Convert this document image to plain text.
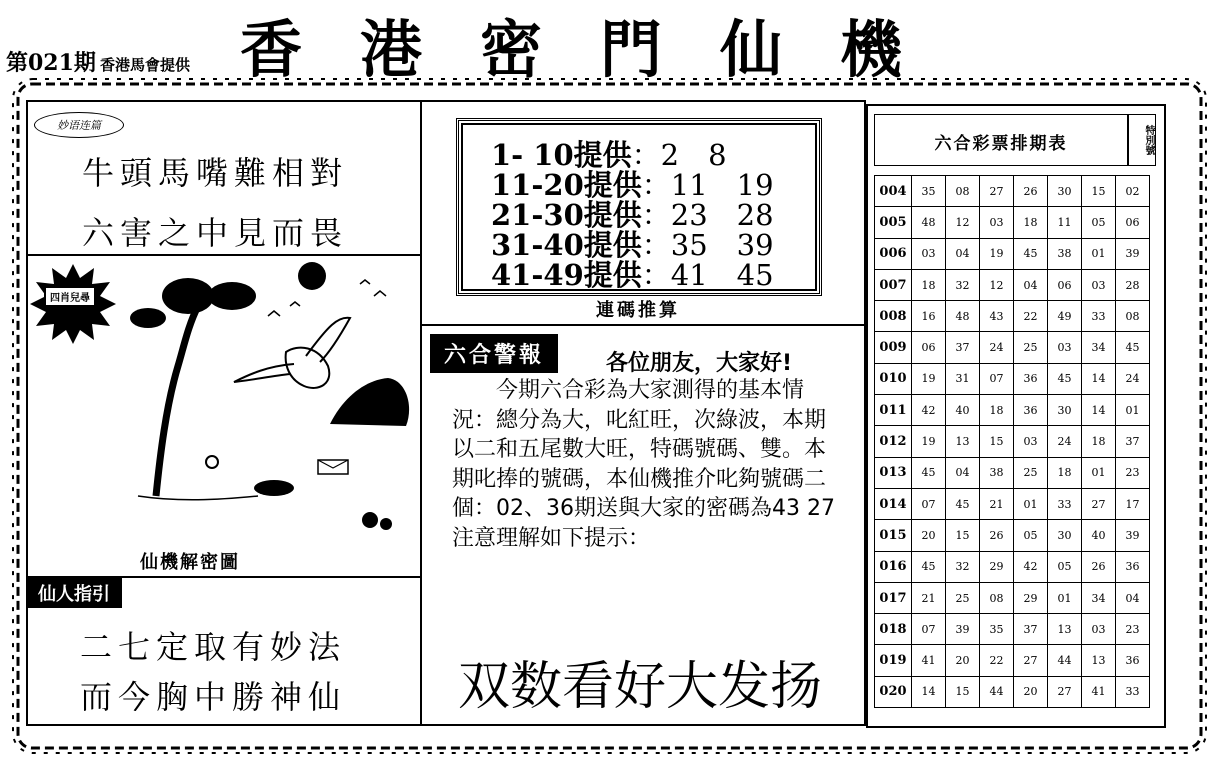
第021期 香港馬會提供 香港密門仙機
妙语连篇
牛頭馬嘴難相對
六害之中見而畏
四肖兒尋
仙機解密圖
仙人指引
二七定取有妙法
而今胸中勝神仙
1- 10提供：2　8
11-20提供：11　19
21-30提供：23　28
31-40提供：35　39
41-49提供：41　45
連碼推算
六合警報	各位朋友，大家好!
今期六合彩為大家測得的基本情況：總分為大，叱紅旺，次綠波，本期以二和五尾數大旺，特碼號碼、雙。本期叱捧的號碼，本仙機推介叱夠號碼二個：02、36期送與大家的密碼為43 27注意理解如下提示：
双数看好大发扬
六合彩票排期表	特別號
004	35	08	27	26	30	15	02
005	48	12	03	18	11	05	06
006	03	04	19	45	38	01	39
007	18	32	12	04	06	03	28
008	16	48	43	22	49	33	08
009	06	37	24	25	03	34	45
010	19	31	07	36	45	14	24
011	42	40	18	36	30	14	01
012	19	13	15	03	24	18	37
013	45	04	38	25	18	01	23
014	07	45	21	01	33	27	17
015	20	15	26	05	30	40	39
016	45	32	29	42	05	26	36
017	21	25	08	29	01	34	04
018	07	39	35	37	13	03	23
019	41	20	22	27	44	13	36
020	14	15	44	20	27	41	33
